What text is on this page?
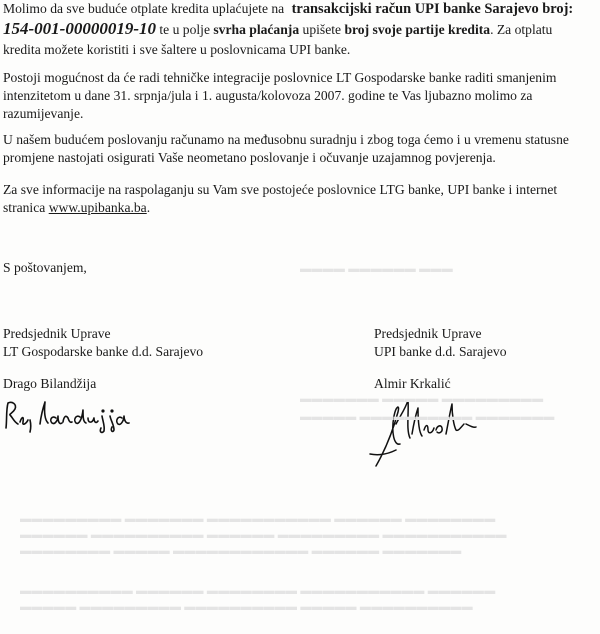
Molimo da sve buduće otplate kredita uplaćujete na transakcijski račun UPI banke Sarajevo broj:
154-001-00000019-10 te u polje svrha plaćanja upišete broj svoje partije kredita. Za otplatu
kredita možete koristiti i sve šaltere u poslovnicama UPI banke.
Postoji mogućnost da će radi tehničke integracije poslovnice LT Gospodarske banke raditi smanjenim
intenzitetom u dane 31. srpnja/jula i 1. augusta/kolovoza 2007. godine te Vas ljubazno molimo za
razumijevanje.
U našem budućem poslovanju računamo na međusobnu suradnju i zbog toga ćemo i u vremenu statusne
promjene nastojati osigurati Vaše neometano poslovanje i očuvanje uzajamnog povjerenja.
Za sve informacije na raspolaganju su Vam sve postojeće poslovnice LTG banke, UPI banke i internet
stranica www.upibanka.ba.
S poštovanjem,
Predsjednik Uprave
LT Gospodarske banke d.d. Sarajevo
Drago Bilandžija
Predsjednik Uprave
UPI banke d.d. Sarajevo
Almir Krkalić
▬▬▬▬ ▬▬▬▬▬▬ ▬▬▬
▬▬▬▬▬▬▬ ▬▬▬▬▬ ▬▬▬▬▬▬▬▬▬
▬▬▬▬▬ ▬▬▬▬▬▬▬▬▬▬ ▬▬▬▬▬▬▬
▬▬▬▬▬▬▬▬▬ ▬▬▬▬▬▬▬ ▬▬▬▬▬▬▬▬▬▬▬ ▬▬▬▬▬▬ ▬▬▬▬▬▬▬▬
▬▬▬▬▬▬ ▬▬▬▬▬▬▬▬▬▬ ▬▬▬▬▬▬ ▬▬▬▬▬▬▬▬▬ ▬▬▬▬▬▬▬▬▬▬▬
▬▬▬▬▬▬▬▬ ▬▬▬▬▬ ▬▬▬▬▬▬▬▬▬▬▬▬ ▬▬▬▬▬▬ ▬▬▬▬▬▬▬
▬▬▬▬▬▬▬▬▬▬ ▬▬▬▬▬▬ ▬▬▬▬▬▬▬▬ ▬▬▬▬▬▬▬▬▬▬▬ ▬▬▬▬▬▬
▬▬▬▬▬ ▬▬▬▬▬▬▬▬▬ ▬▬▬▬▬▬▬▬▬▬ ▬▬▬▬▬ ▬▬▬▬▬▬▬▬▬▬
